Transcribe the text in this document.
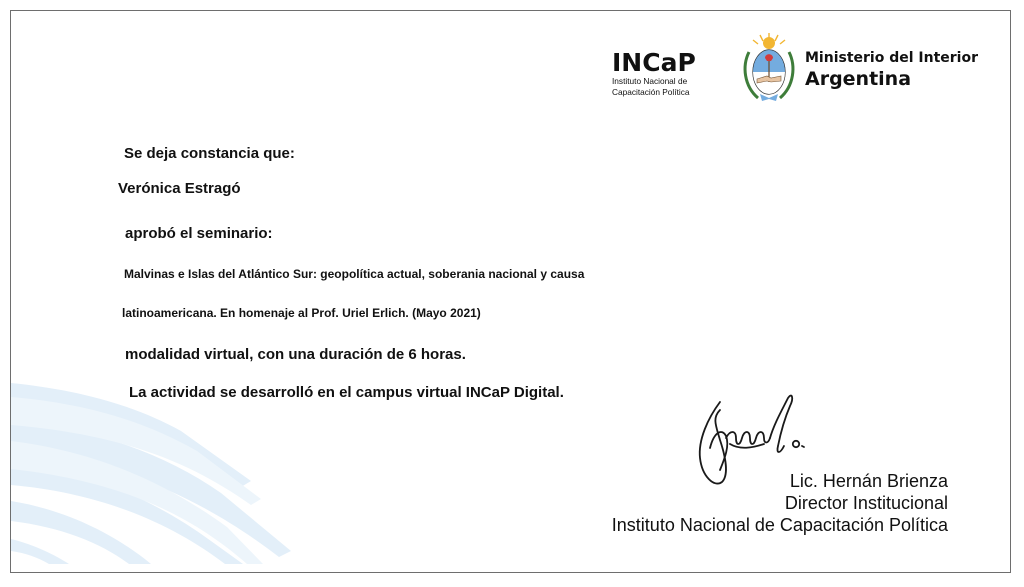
INCaP
Instituto Nacional de
Capacitación Política
Ministerio del Interior
Argentina
Se deja constancia que:
Verónica Estragó
aprobó el seminario:
Malvinas e Islas del Atlántico Sur: geopolítica actual, soberania nacional y causa
latinoamericana. En homenaje al Prof. Uriel Erlich. (Mayo 2021)
modalidad virtual, con una duración de 6 horas.
La actividad se desarrolló en el campus virtual INCaP Digital.
Lic. Hernán Brienza
Director Institucional
Instituto Nacional de Capacitación Política
